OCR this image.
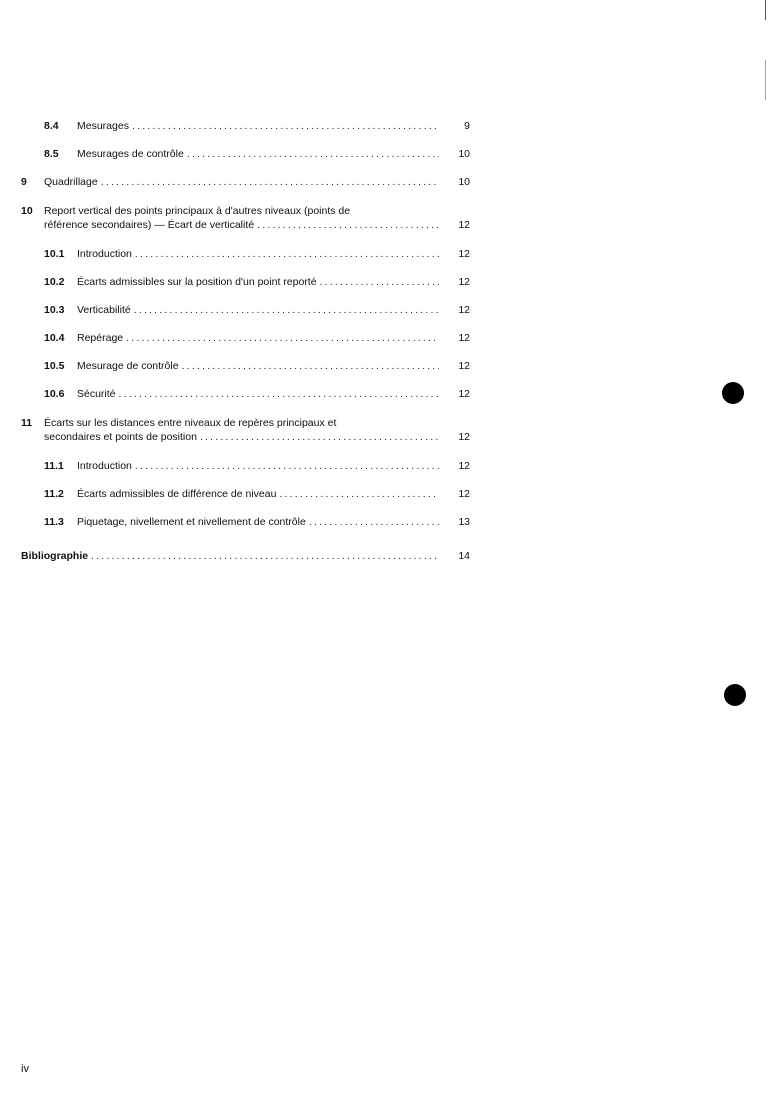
8.4 Mesurages .....	9
8.5 Mesurages de contrôle .....	10
9 Quadrillage .....	10
10 Report vertical des points principaux à d'autres niveaux (points de
référence secondaires) — Écart de verticalité .....	12
10.1 Introduction .....	12
10.2 Écarts admissibles sur la position d'un point reporté .....	12
10.3 Verticabilité .....	12
10.4 Repérage .....	12
10.5 Mesurage de contrôle .....	12
10.6 Sécurité .....	12
11 Écarts sur les distances entre niveaux de repères principaux et
secondaires et points de position .....	12
11.1 Introduction .....	12
11.2 Écarts admissibles de différence de niveau .....	12
11.3 Piquetage, nivellement et nivellement de contrôle .....	13
Bibliographie .....	14
iv
